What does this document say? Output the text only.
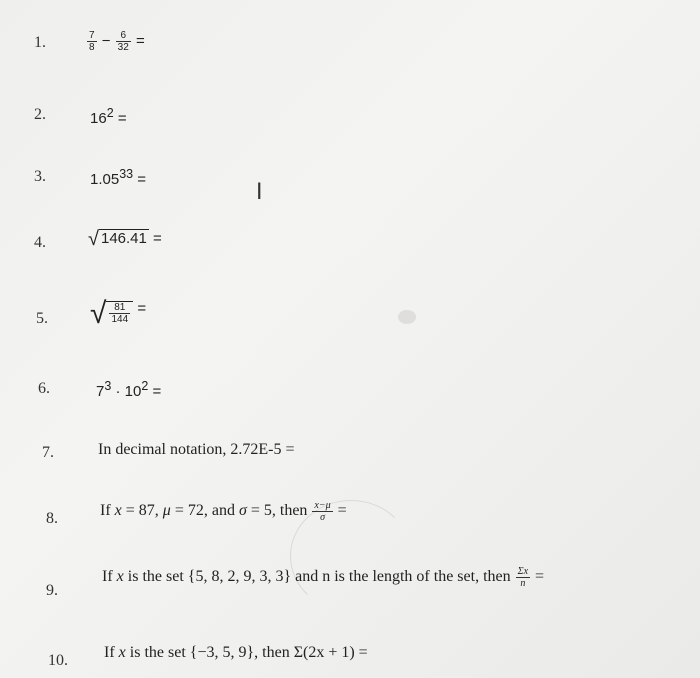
1.	$\frac{7}{8} - \frac{6}{32}$ =
2.	$16^2$ =
3.	$1.05^{33}$ =
I
4. √ 146.41 =
5. √ $\frac{81}{144}$ =
6.	$7^3 \cdot 10^2$ =
7.	In decimal notation, 2.72E-5 =
8.	If x = 87, μ = 72, and σ = 5, then $\frac{x-\mu}{\sigma}$ =
9.
If x is the set {5, 8, 2, 9, 3, 3} and n is the length of the set, then $\frac{\Sigma x}{n}$ =
10. If x is the set {−3, 5, 9}, then Σ(2x + 1) =
